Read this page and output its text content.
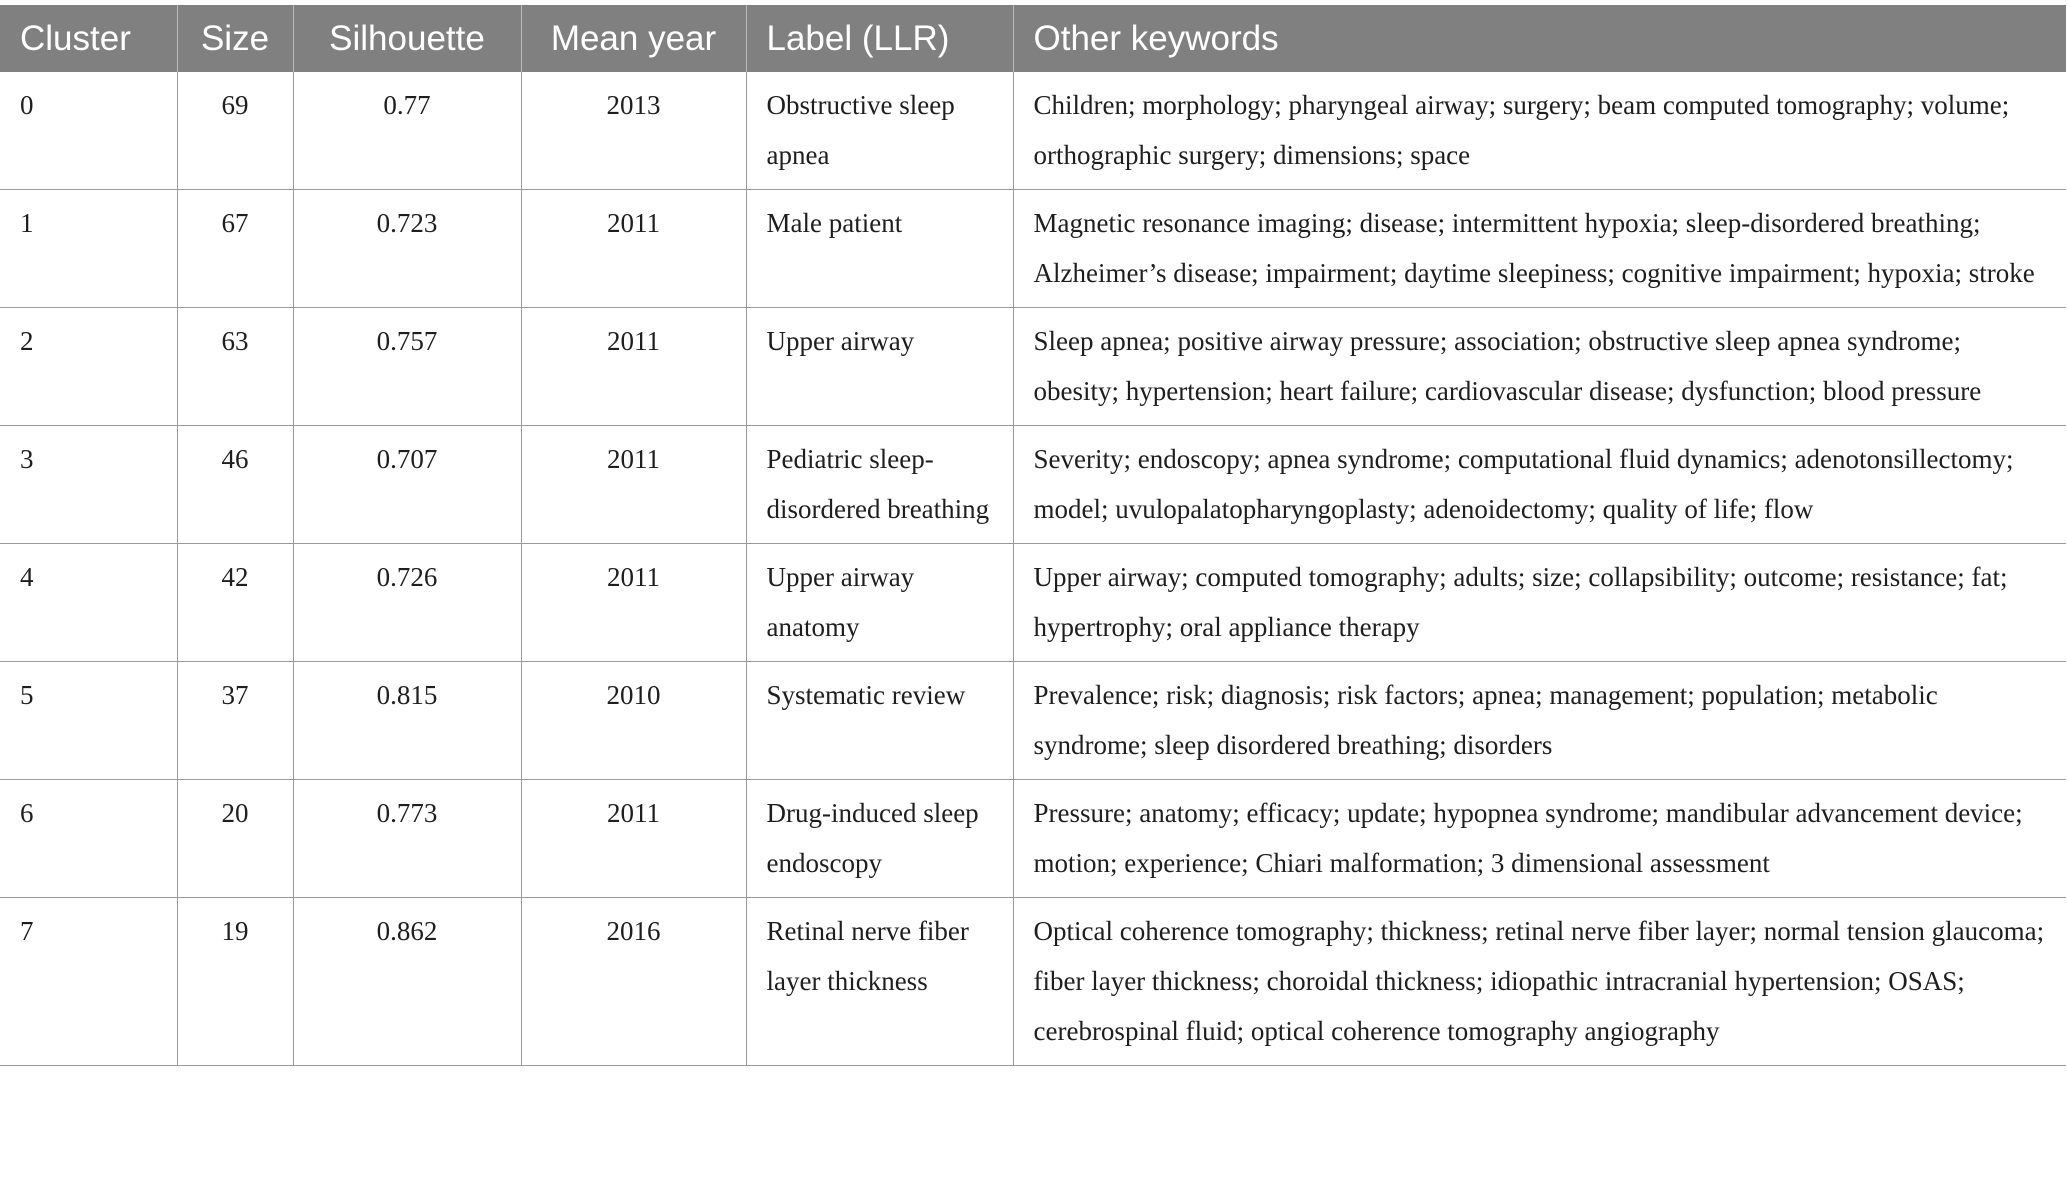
Cluster	Size	Silhouette	Mean year	Label (LLR)	Other keywords
0	69	0.77	2013	Obstructive sleep apnea	Children; morphology; pharyngeal airway; surgery; beam computed tomography; volume; orthographic surgery; dimensions; space
1	67	0.723	2011	Male patient	Magnetic resonance imaging; disease; intermittent hypoxia; sleep-disordered breathing; Alzheimer’s disease; impairment; daytime sleepiness; cognitive impairment; hypoxia; stroke
2	63	0.757	2011	Upper airway	Sleep apnea; positive airway pressure; association; obstructive sleep apnea syndrome; obesity; hypertension; heart failure; cardiovascular disease; dysfunction; blood pressure
3	46	0.707	2011	Pediatric sleep-disordered breathing	Severity; endoscopy; apnea syndrome; computational fluid dynamics; adenotonsillectomy; model; uvulopalatopharyngoplasty; adenoidectomy; quality of life; flow
4	42	0.726	2011	Upper airway anatomy	Upper airway; computed tomography; adults; size; collapsibility; outcome; resistance; fat; hypertrophy; oral appliance therapy
5	37	0.815	2010	Systematic review	Prevalence; risk; diagnosis; risk factors; apnea; management; population; metabolic syndrome; sleep disordered breathing; disorders
6	20	0.773	2011	Drug-induced sleep endoscopy	Pressure; anatomy; efficacy; update; hypopnea syndrome; mandibular advancement device; motion; experience; Chiari malformation; 3 dimensional assessment
7	19	0.862	2016	Retinal nerve fiber layer thickness	Optical coherence tomography; thickness; retinal nerve fiber layer; normal tension glaucoma; fiber layer thickness; choroidal thickness; idiopathic intracranial hypertension; OSAS; cerebrospinal fluid; optical coherence tomography angiography
